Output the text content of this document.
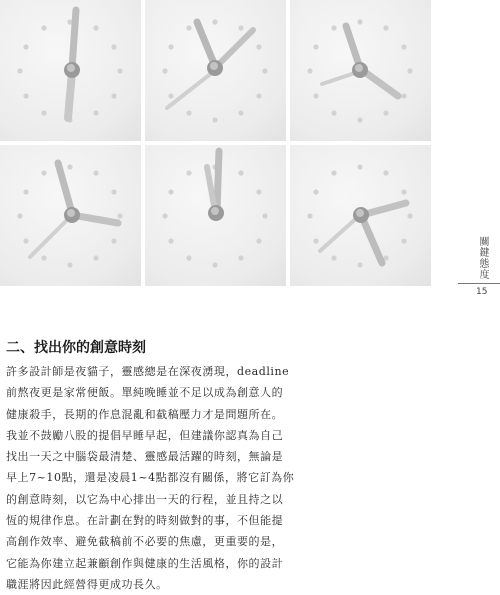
關鍵態度
15
二、找出你的創意時刻

許多設計師是夜貓子，靈感總是在深夜湧現，deadline

前熬夜更是家常便飯。單純晚睡並不足以成為創意人的

健康殺手，長期的作息混亂和截稿壓力才是問題所在。

我並不鼓勵八股的提倡早睡早起，但建議你認真為自己

找出一天之中腦袋最清楚、靈感最活躍的時刻，無論是

早上7~10點，還是凌晨1~4點都沒有關係，將它訂為你

的創意時刻，以它為中心排出一天的行程，並且持之以

恆的規律作息。在計劃在對的時刻做對的事，不但能提

高創作效率、避免截稿前不必要的焦慮，更重要的是，

它能為你建立起兼顧創作與健康的生活風格，你的設計

職涯將因此經營得更成功長久。
